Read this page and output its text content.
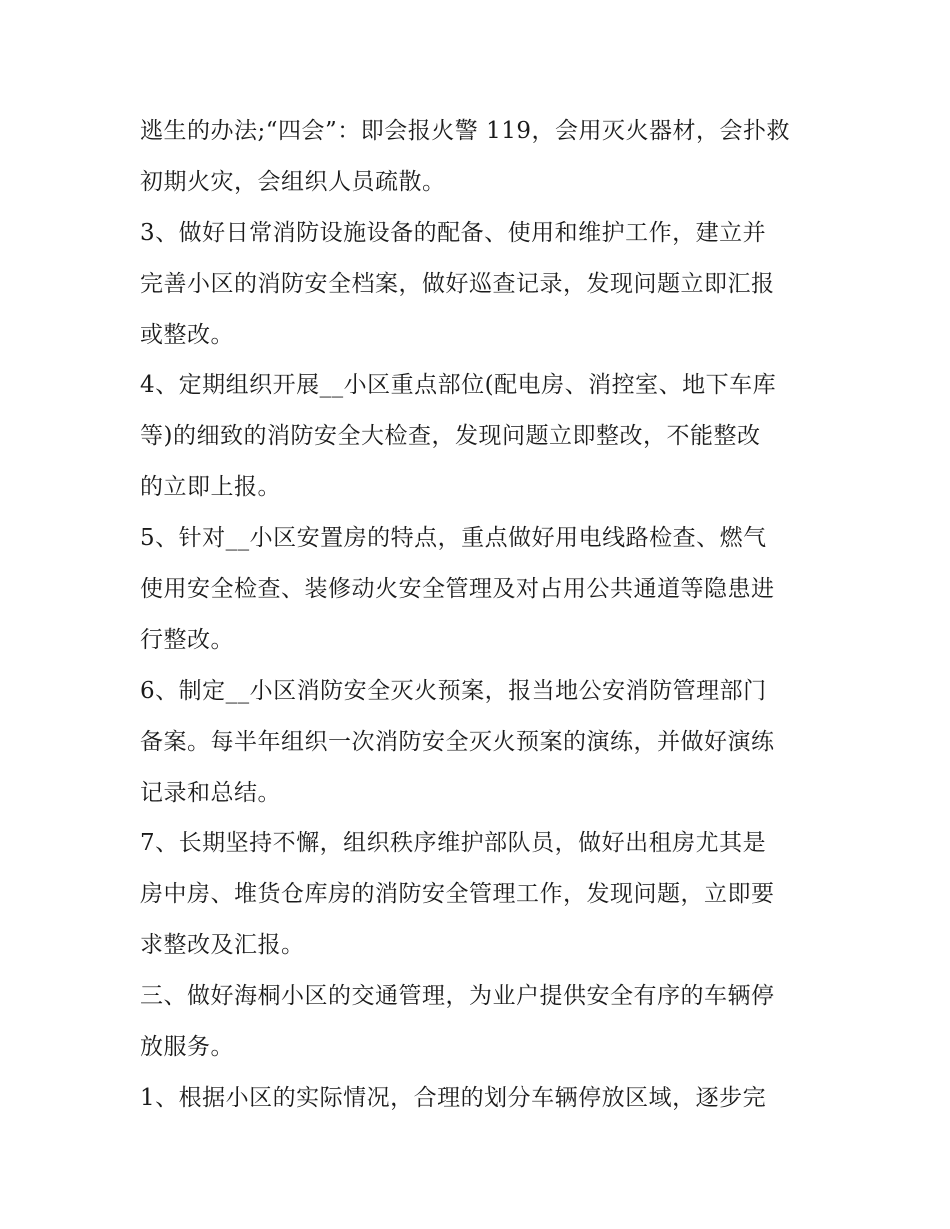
逃生的办法;“四会”：即会报火警 119，会用灭火器材，会扑救
初期火灾，会组织人员疏散。
3、做好日常消防设施设备的配备、使用和维护工作，建立并
完善小区的消防安全档案，做好巡查记录，发现问题立即汇报
或整改。
4、定期组织开展__小区重点部位(配电房、消控室、地下车库
等)的细致的消防安全大检查，发现问题立即整改，不能整改
的立即上报。
5、针对__小区安置房的特点，重点做好用电线路检查、燃气
使用安全检查、装修动火安全管理及对占用公共通道等隐患进
行整改。
6、制定__小区消防安全灭火预案，报当地公安消防管理部门
备案。每半年组织一次消防安全灭火预案的演练，并做好演练
记录和总结。
7、长期坚持不懈，组织秩序维护部队员，做好出租房尤其是
房中房、堆货仓库房的消防安全管理工作，发现问题，立即要
求整改及汇报。
三、做好海桐小区的交通管理，为业户提供安全有序的车辆停
放服务。
1、根据小区的实际情况，合理的划分车辆停放区域，逐步完
